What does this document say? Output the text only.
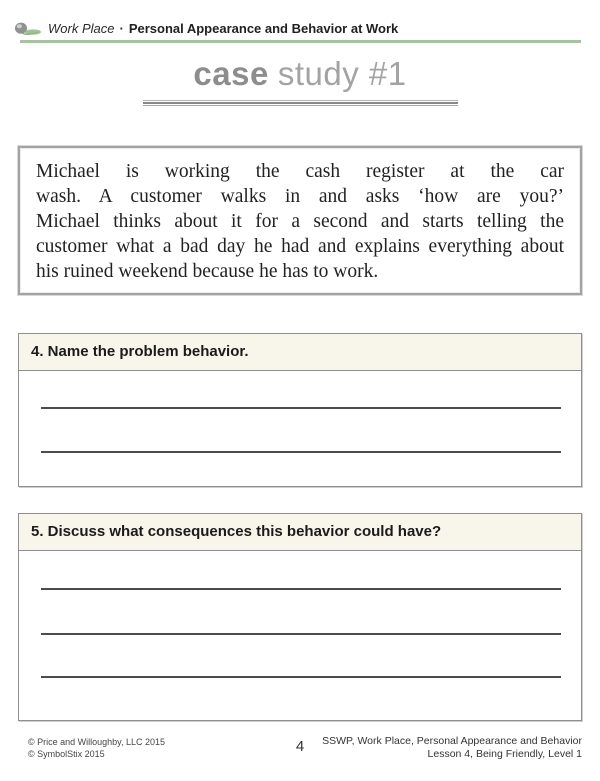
Work Place · Personal Appearance and Behavior at Work
case study #1
Michael is working the cash register at the car
wash. A customer walks in and asks ‘how are you?’
Michael thinks about it for a second and starts telling the
customer what a bad day he had and explains everything about
his ruined weekend because he has to work.
4. Name the problem behavior.
5. Discuss what consequences this behavior could have?
© Price and Willoughby, LLC 2015
© SymbolStix 2015	4	SSWP, Work Place, Personal Appearance and Behavior
Lesson 4, Being Friendly, Level 1
